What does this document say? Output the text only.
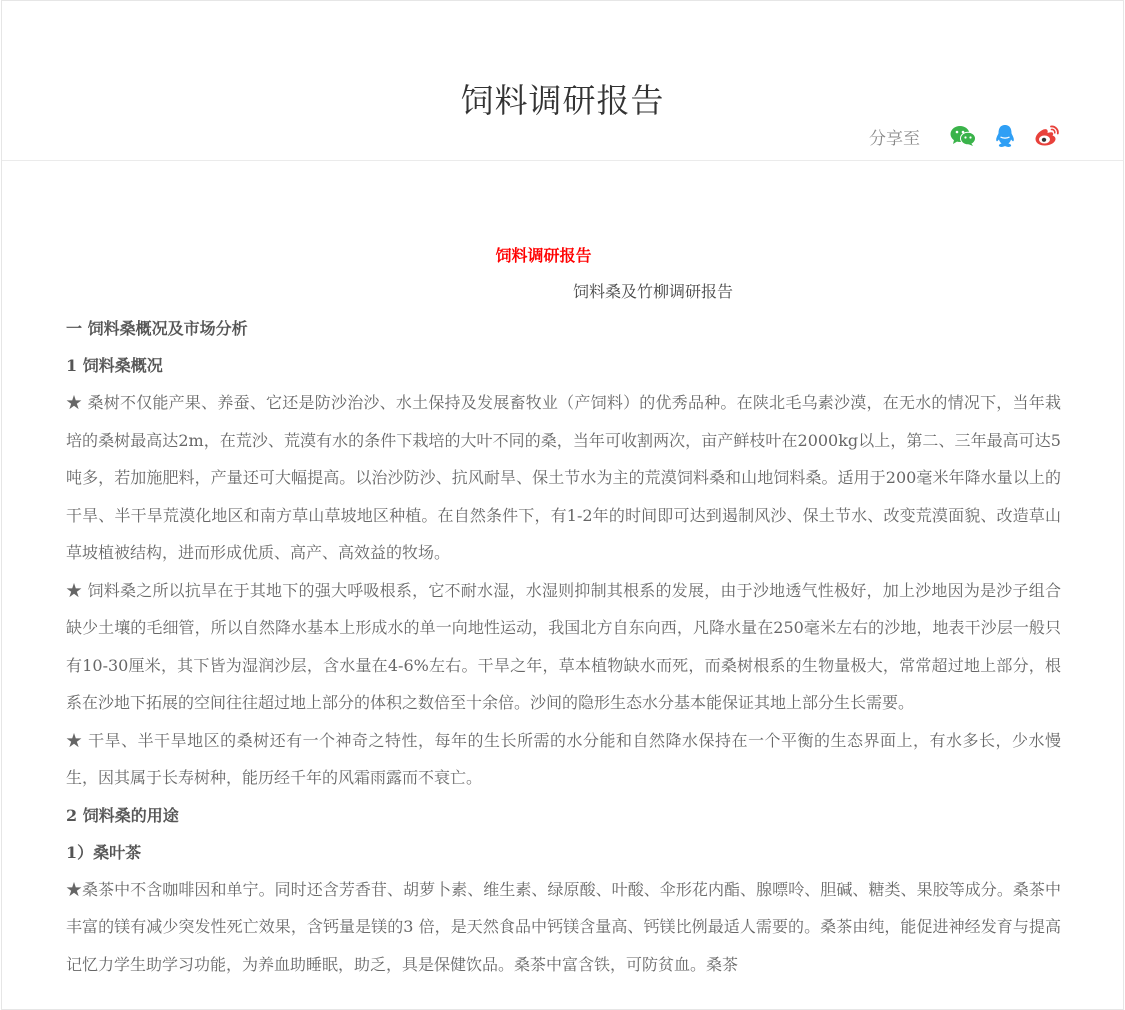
饲料调研报告
分享至
饲料调研报告
饲料桑及竹柳调研报告
一 饲料桑概况及市场分析
1 饲料桑概况

★ 桑树不仅能产果、养蚕、它还是防沙治沙、水土保持及发展畜牧业（产饲料）的优秀品种。在陕北毛乌素沙漠，在无水的情况下，当年栽培的桑树最高达2m，在荒沙、荒漠有水的条件下栽培的大叶不同的桑，当年可收割两次，亩产鲜枝叶在2000kg以上，第二、三年最高可达5吨多，若加施肥料，产量还可大幅提高。以治沙防沙、抗风耐旱、保土节水为主的荒漠饲料桑和山地饲料桑。适用于200毫米年降水量以上的干旱、半干旱荒漠化地区和南方草山草坡地区种植。在自然条件下，有1-2年的时间即可达到遏制风沙、保土节水、改变荒漠面貌、改造草山草坡植被结构，进而形成优质、高产、高效益的牧场。

★ 饲料桑之所以抗旱在于其地下的强大呼吸根系，它不耐水湿，水湿则抑制其根系的发展，由于沙地透气性极好，加上沙地因为是沙子组合缺少土壤的毛细管，所以自然降水基本上形成水的单一向地性运动，我国北方自东向西，凡降水量在250毫米左右的沙地，地表干沙层一般只有10-30厘米，其下皆为湿润沙层，含水量在4-6%左右。干旱之年，草本植物缺水而死，而桑树根系的生物量极大，常常超过地上部分，根系在沙地下拓展的空间往往超过地上部分的体积之数倍至十余倍。沙间的隐形生态水分基本能保证其地上部分生长需要。

★ 干旱、半干旱地区的桑树还有一个神奇之特性，每年的生长所需的水分能和自然降水保持在一个平衡的生态界面上，有水多长，少水慢生，因其属于长寿树种，能历经千年的风霜雨露而不衰亡。

2 饲料桑的用途
1）桑叶茶

★桑茶中不含咖啡因和单宁。同时还含芳香苷、胡萝卜素、维生素、绿原酸、叶酸、伞形花内酯、腺嘌呤、胆碱、糖类、果胶等成分。桑茶中丰富的镁有减少突发性死亡效果，含钙量是镁的3 倍，是天然食品中钙镁含量高、钙镁比例最适人需要的。桑茶由纯，能促进神经发育与提高记忆力学生助学习功能，为养血助睡眠，助乏，具是保健饮品。桑茶中富含铁，可防贫血。桑茶
